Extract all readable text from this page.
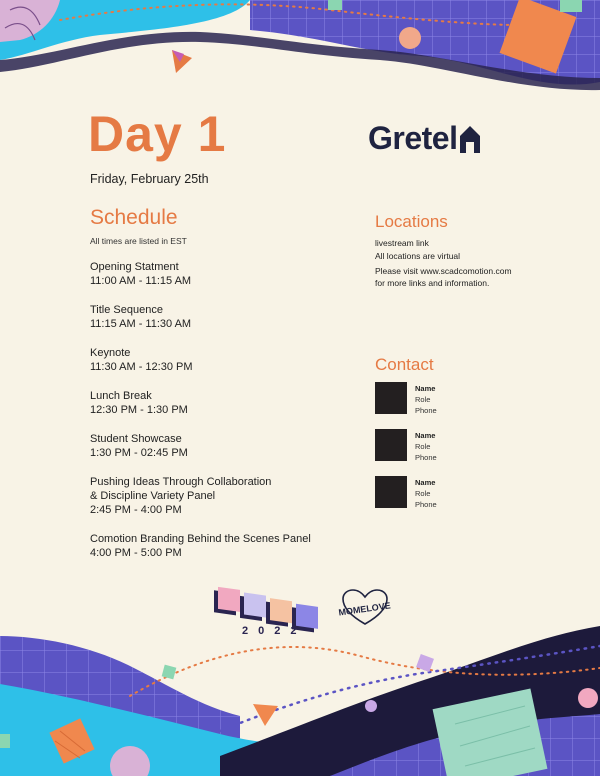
Day 1
Friday, February 25th
Gretel
Schedule
All times are listed in EST
Opening Statment
11:00 AM - 11:15 AM
Title Sequence
11:15 AM - 11:30 AM
Keynote
11:30 AM - 12:30 PM
Lunch Break
12:30 PM - 1:30 PM
Student Showcase
1:30 PM - 02:45 PM
Pushing Ideas Through Collaboration
& Discipline Variety Panel
2:45 PM - 4:00 PM
Comotion Branding Behind the Scenes Panel
4:00 PM - 5:00 PM
Locations
livestream link
All locations are virtual
Please visit www.scadcomotion.com
for more links and information.
Contact
Name
Role
Phone
Name
Role
Phone
Name
Role
Phone
2022
MOMELOVE
